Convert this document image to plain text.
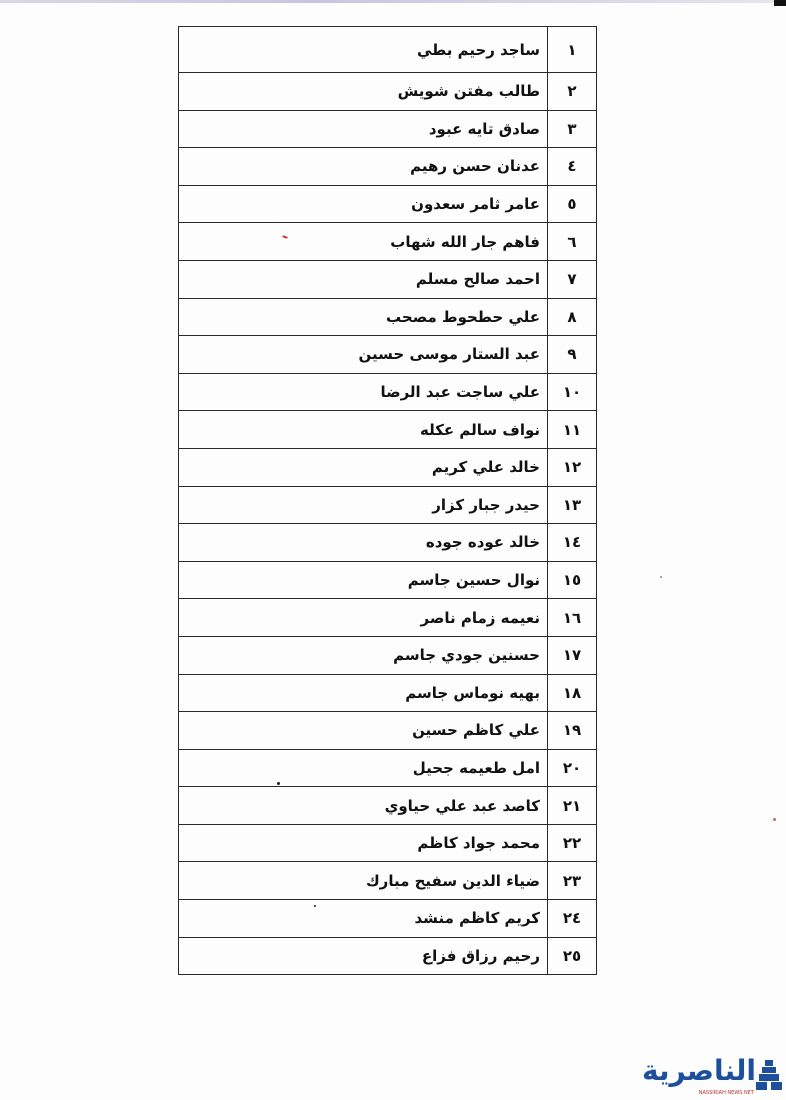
١	ساجد رحيم بطي
٢	طالب مفتن شويش
٣	صادق تايه عبود
٤	عدنان حسن رهيم
٥	عامر ثامر سعدون
٦	فاهم جار الله شهاب
٧	احمد صالح مسلم
٨	علي حطحوط مصحب
٩	عبد الستار موسى حسين
١٠	علي ساجت عبد الرضا
١١	نواف سالم عكله
١٢	خالد علي كريم
١٣	حيدر جبار كزار
١٤	خالد عوده جوده
١٥	نوال حسين جاسم
١٦	نعيمه زمام ناصر
١٧	حسنين جودي جاسم
١٨	بهيه نوماس جاسم
١٩	علي كاظم حسين
٢٠	امل طعيمه جحيل
٢١	كاصد عبد علي حياوي
٢٢	محمد جواد كاظم
٢٣	ضياء الدين سفيح مبارك
٢٤	كريم كاظم منشد
٢٥	رحيم رزاق فزاع
الناصرية
NASSIRIAH NEWS NET
